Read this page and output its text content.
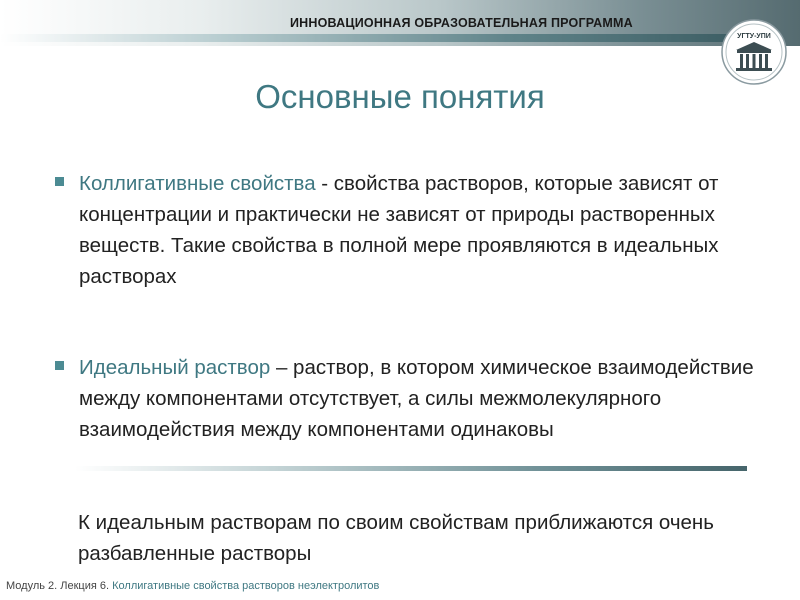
ИННОВАЦИОННАЯ ОБРАЗОВАТЕЛЬНАЯ ПРОГРАММА
УГТУ-УПИ
Основные понятия
Коллигативные свойства - свойства растворов, которые зависят от концентрации и практически не зависят от природы растворенных веществ. Такие свойства в полной мере проявляются в идеальных растворах
Идеальный раствор – раствор, в котором химическое взаимодействие между компонентами отсутствует, а силы межмолекулярного взаимодействия между компонентами одинаковы
К идеальным растворам по своим свойствам приближаются очень разбавленные растворы
Модуль 2. Лекция 6. Коллигативные свойства растворов неэлектролитов
